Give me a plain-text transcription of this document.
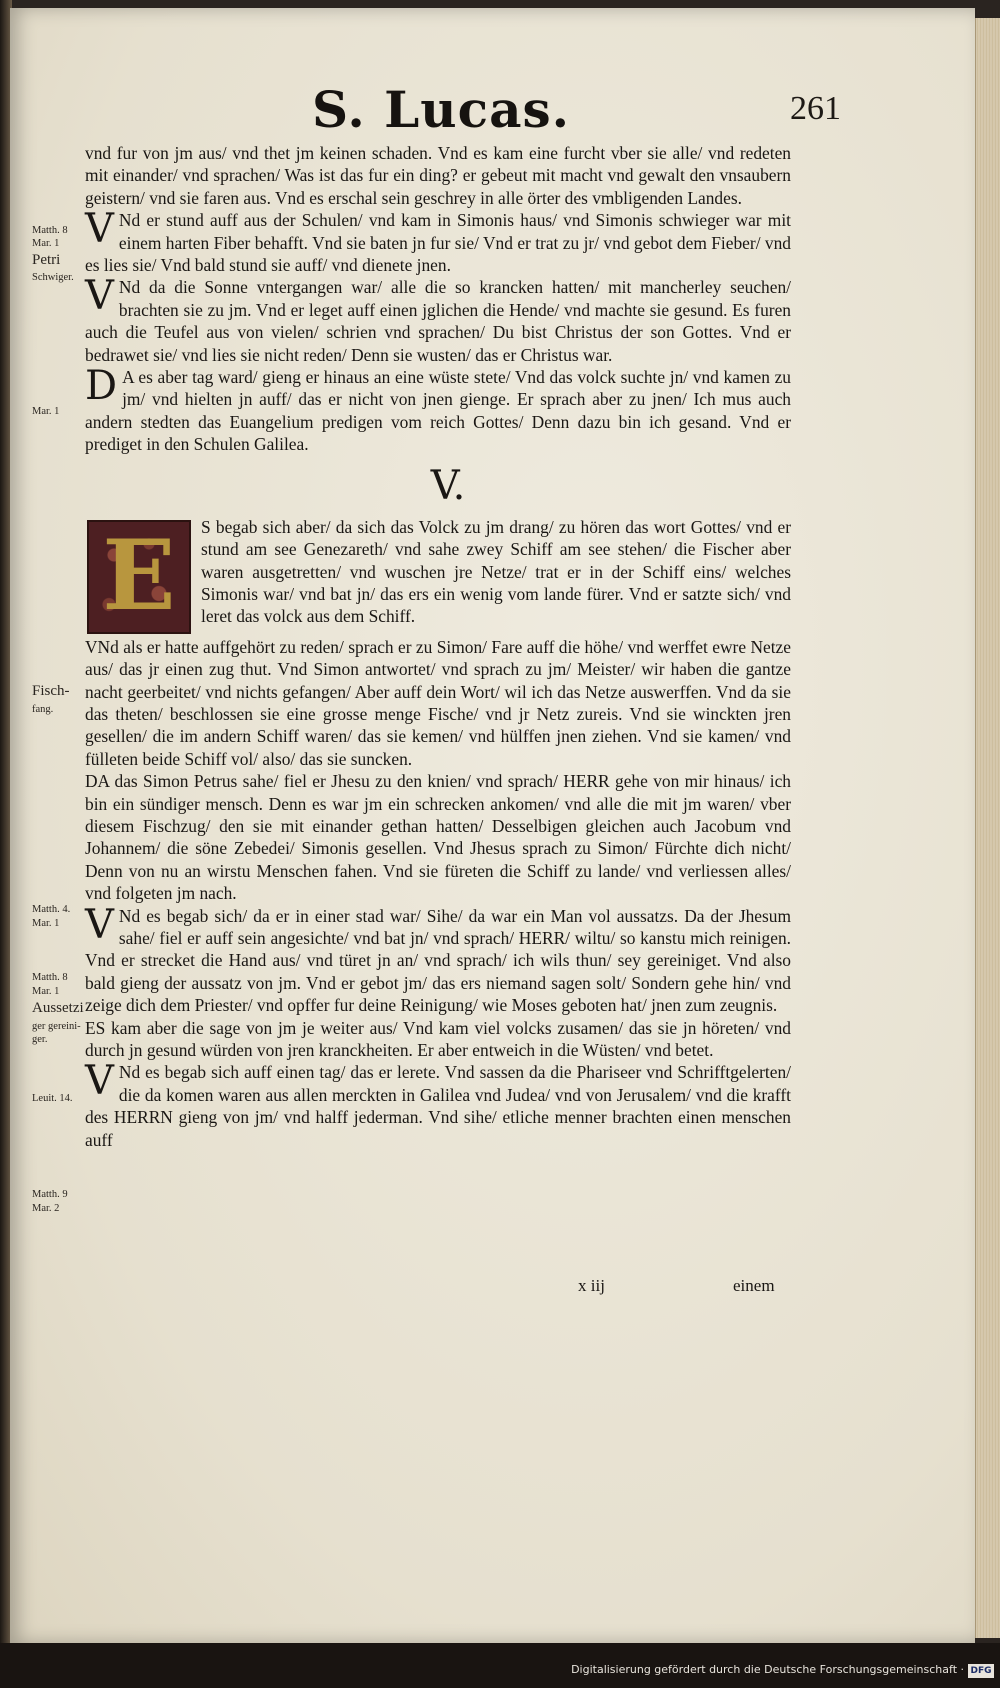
S. Lucas.	261
Matth. 8
Mar. 1
Petri
Schwiger.
Mar. 1
Fisch-
fang.
Matth. 4.
Mar. 1
Matth. 8
Mar. 1
Aussetzi
ger gereini-
ger.
Leuit. 14.
Matth. 9
Mar. 2

vnd fur von jm aus/ vnd thet jm keinen schaden. Vnd es kam eine furcht vber sie alle/ vnd redeten mit einander/ vnd sprachen/ Was ist das fur ein ding? er gebeut mit macht vnd gewalt den vnsaubern geistern/ vnd sie faren aus. Vnd es erschal sein geschrey in alle örter des vmbligenden Landes.

V Nd er stund auff aus der Schulen/ vnd kam in Simonis haus/ vnd Simonis schwieger war mit einem harten Fiber behafft. Vnd sie baten jn fur sie/ Vnd er trat zu jr/ vnd gebot dem Fieber/ vnd es lies sie/ Vnd bald stund sie auff/ vnd dienete jnen.

V Nd da die Sonne vntergangen war/ alle die so krancken hatten/ mit mancherley seuchen/ brachten sie zu jm. Vnd er leget auff einen jglichen die Hende/ vnd machte sie gesund. Es furen auch die Teufel aus von vielen/ schrien vnd sprachen/ Du bist Christus der son Gottes. Vnd er bedrawet sie/ vnd lies sie nicht reden/ Denn sie wusten/ das er Christus war.

D A es aber tag ward/ gieng er hinaus an eine wüste stete/ Vnd das volck suchte jn/ vnd kamen zu jm/ vnd hielten jn auff/ das er nicht von jnen gienge. Er sprach aber zu jnen/ Ich mus auch andern stedten das Euangelium predigen vom reich Gottes/ Denn dazu bin ich gesand. Vnd er prediget in den Schulen Galilea.

V.
E	S begab sich aber/ da sich das Volck zu jm drang/ zu hören das wort Gottes/ vnd er stund am see Genezareth/ vnd sahe zwey Schiff am see stehen/ die Fischer aber waren ausgetretten/ vnd wuschen jre Netze/ trat er in der Schiff eins/ welches Simonis war/ vnd bat jn/ das ers ein wenig vom lande fürer. Vnd er satzte sich/ vnd leret das volck aus dem Schiff.

VNd als er hatte auffgehört zu reden/ sprach er zu Simon/ Fare auff die höhe/ vnd werffet ewre Netze aus/ das jr einen zug thut. Vnd Simon antwortet/ vnd sprach zu jm/ Meister/ wir haben die gantze nacht geerbeitet/ vnd nichts gefangen/ Aber auff dein Wort/ wil ich das Netze auswerffen. Vnd da sie das theten/ beschlossen sie eine grosse menge Fische/ vnd jr Netz zureis. Vnd sie winckten jren gesellen/ die im andern Schiff waren/ das sie kemen/ vnd hülffen jnen ziehen. Vnd sie kamen/ vnd fülleten beide Schiff vol/ also/ das sie suncken.

DA das Simon Petrus sahe/ fiel er Jhesu zu den knien/ vnd sprach/ HERR gehe von mir hinaus/ ich bin ein sündiger mensch. Denn es war jm ein schrecken ankomen/ vnd alle die mit jm waren/ vber diesem Fischzug/ den sie mit einander gethan hatten/ Desselbigen gleichen auch Jacobum vnd Johannem/ die söne Zebedei/ Simonis gesellen. Vnd Jhesus sprach zu Simon/ Fürchte dich nicht/ Denn von nu an wirstu Menschen fahen. Vnd sie füreten die Schiff zu lande/ vnd verliessen alles/ vnd folgeten jm nach.

V Nd es begab sich/ da er in einer stad war/ Sihe/ da war ein Man vol aussatzs. Da der Jhesum sahe/ fiel er auff sein angesichte/ vnd bat jn/ vnd sprach/ HERR/ wiltu/ so kanstu mich reinigen. Vnd er strecket die Hand aus/ vnd türet jn an/ vnd sprach/ ich wils thun/ sey gereiniget. Vnd also bald gieng der aussatz von jm. Vnd er gebot jm/ das ers niemand sagen solt/ Sondern gehe hin/ vnd zeige dich dem Priester/ vnd opffer fur deine Reinigung/ wie Moses geboten hat/ jnen zum zeugnis.

ES kam aber die sage von jm je weiter aus/ Vnd kam viel volcks zusamen/ das sie jn höreten/ vnd durch jn gesund würden von jren kranckheiten. Er aber entweich in die Wüsten/ vnd betet.

V Nd es begab sich auff einen tag/ das er lerete. Vnd sassen da die Phariseer vnd Schrifftgelerten/ die da komen waren aus allen merckten in Galilea vnd Judea/ vnd von Jerusalem/ vnd die krafft des HERRN gieng von jm/ vnd halff jederman. Vnd sihe/ etliche menner brachten einen menschen auff

x iij	einem
Digitalisierung gefördert durch die Deutsche Forschungsgemeinschaft · DFG
